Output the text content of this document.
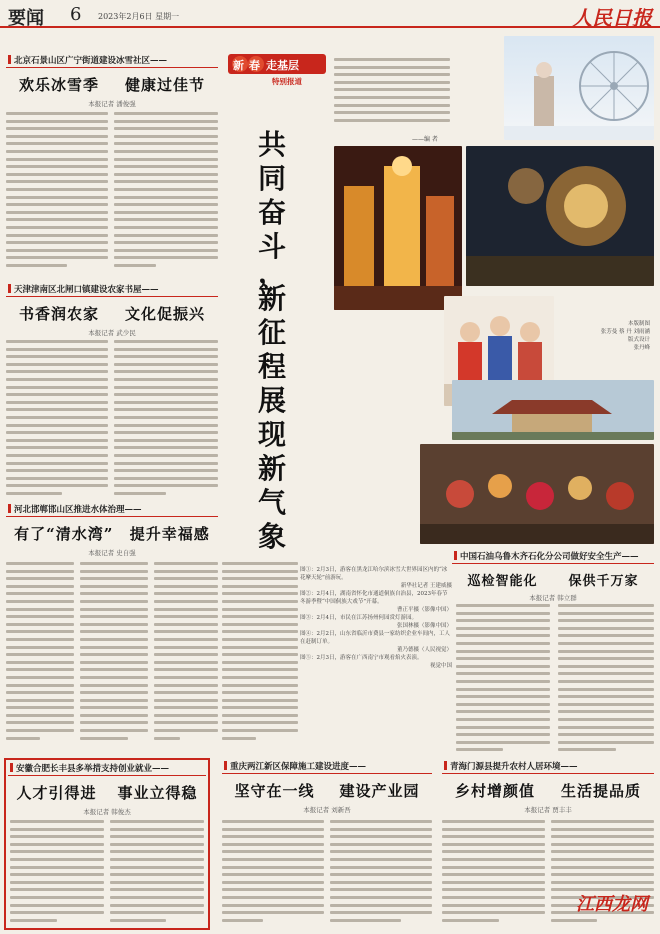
要闻 6 2023年2月6日 星期一	人民日报
北京石景山区广宁街道建设冰雪社区——
欢乐冰雪季 健康过佳节
本报记者 潘俊强
天津津南区北闸口镇建设农家书屋——
书香润农家 文化促振兴
本报记者 武少民
河北邯郸邯山区推进水体治理——
有了“清水湾” 提升幸福感
本报记者 史自强
新 春 走基层
特别报道
共
同
奋
斗
，
新
征
程
展
现
新
气
象
——编 者
本版制图
张芳曼 蔡 丹 刘雨涵
版式设计
张丹峰
图①：2月3日，游客在黑龙江哈尔滨冰雪大世界园区内的“冰花摩天轮”前游玩。
新华社记者 王建威摄
图②：2月4日，湖南省怀化市通道侗族自治县，2023年春节冬游季暨“中国侗族大戏节”开幕。
曹正平摄（影像中国）
图③：2月4日，市民在江苏扬州何园赏灯游园。
张国林摄（影像中国）
图④：2月2日，山东省临沂市费县一家纺织企业车间内，工人在赶制订单。
董乃德摄（人民视觉）
图⑤：2月3日，游客在广西南宁市观看焰火表演。
视觉中国
中国石油乌鲁木齐石化分公司做好安全生产——
巡检智能化 保供千万家
本报记者 韩立群
安徽合肥长丰县多举措支持创业就业——
人才引得进 事业立得稳
本报记者 韩俊杰
重庆两江新区保障施工建设进度——
坚守在一线 建设产业园
本报记者 刘新吾
青海门源县提升农村人居环境——
乡村增颜值 生活提品质
本报记者 贾丰丰
江西龙网
